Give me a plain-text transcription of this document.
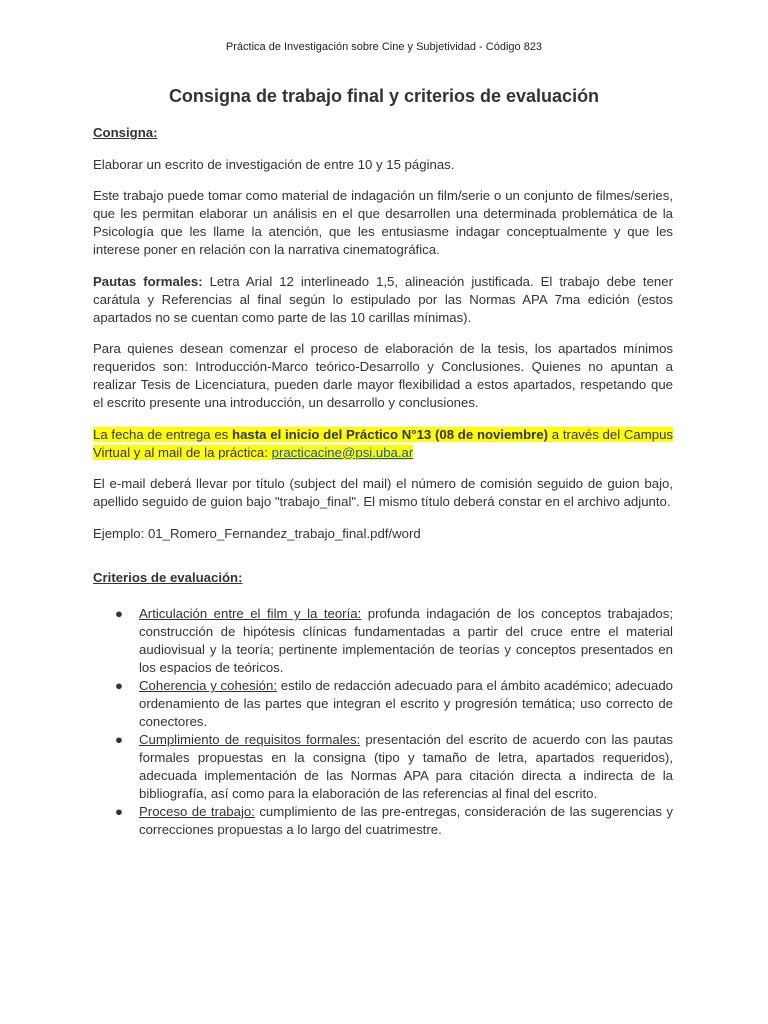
Práctica de Investigación sobre Cine y Subjetividad - Código 823
Consigna de trabajo final y criterios de evaluación

Consigna:

Elaborar un escrito de investigación de entre 10 y 15 páginas.

Este trabajo puede tomar como material de indagación un film/serie o un conjunto de filmes/series, que les permitan elaborar un análisis en el que desarrollen una determinada problemática de la Psicología que les llame la atención, que les entusiasme indagar conceptualmente y que les interese poner en relación con la narrativa cinematográfica.

Pautas formales: Letra Arial 12 interlineado 1,5, alineación justificada. El trabajo debe tener carátula y Referencias al final según lo estipulado por las Normas APA 7ma edición (estos apartados no se cuentan como parte de las 10 carillas mínimas).

Para quienes desean comenzar el proceso de elaboración de la tesis, los apartados mínimos requeridos son: Introducción-Marco teórico-Desarrollo y Conclusiones. Quienes no apuntan a realizar Tesis de Licenciatura, pueden darle mayor flexibilidad a estos apartados, respetando que el escrito presente una introducción, un desarrollo y conclusiones.

La fecha de entrega es hasta el inicio del Práctico N°13 (08 de noviembre) a través del Campus Virtual y al mail de la práctica: practicacine@psi.uba.ar

El e-mail deberá llevar por título (subject del mail) el número de comisión seguido de guion bajo, apellido seguido de guion bajo "trabajo_final". El mismo título deberá constar en el archivo adjunto.

Ejemplo: 01_Romero_Fernandez_trabajo_final.pdf/word

Criterios de evaluación:

● Articulación entre el film y la teoría: profunda indagación de los conceptos trabajados; construcción de hipótesis clínicas fundamentadas a partir del cruce entre el material audiovisual y la teoría; pertinente implementación de teorías y conceptos presentados en los espacios de teóricos.
● Coherencia y cohesión: estilo de redacción adecuado para el ámbito académico; adecuado ordenamiento de las partes que integran el escrito y progresión temática; uso correcto de conectores.
● Cumplimiento de requisitos formales: presentación del escrito de acuerdo con las pautas formales propuestas en la consigna (tipo y tamaño de letra, apartados requeridos), adecuada implementación de las Normas APA para citación directa a indirecta de la bibliografía, así como para la elaboración de las referencias al final del escrito.
● Proceso de trabajo: cumplimiento de las pre-entregas, consideración de las sugerencias y correcciones propuestas a lo largo del cuatrimestre.
